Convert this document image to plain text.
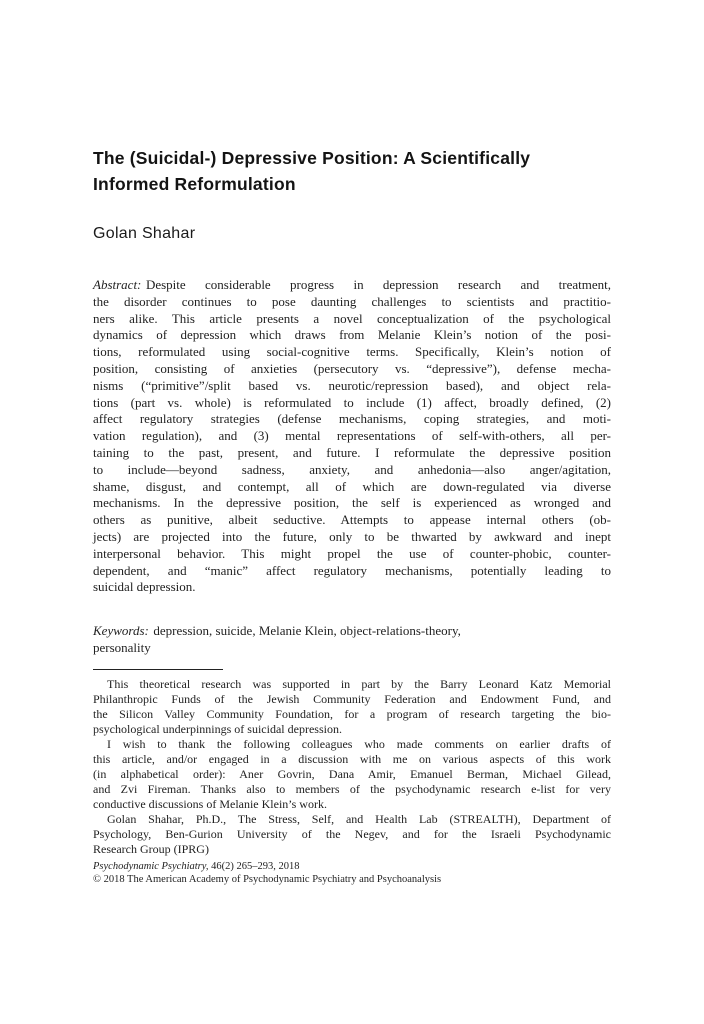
The (Suicidal-) Depressive Position: A Scientifically
Informed Reformulation
Golan Shahar
Abstract: Despite considerable progress in depression research and treatment,
the disorder continues to pose daunting challenges to scientists and practitio-
ners alike. This article presents a novel conceptualization of the psychological
dynamics of depression which draws from Melanie Klein’s notion of the posi-
tions, reformulated using social-cognitive terms. Specifically, Klein’s notion of
position, consisting of anxieties (persecutory vs. “depressive”), defense mecha-
nisms (“primitive”/split based vs. neurotic/repression based), and object rela-
tions (part vs. whole) is reformulated to include (1) affect, broadly defined, (2)
affect regulatory strategies (defense mechanisms, coping strategies, and moti-
vation regulation), and (3) mental representations of self-with-others, all per-
taining to the past, present, and future. I reformulate the depressive position
to include—beyond sadness, anxiety, and anhedonia—also anger/agitation,
shame, disgust, and contempt, all of which are down-regulated via diverse
mechanisms. In the depressive position, the self is experienced as wronged and
others as punitive, albeit seductive. Attempts to appease internal others (ob-
jects) are projected into the future, only to be thwarted by awkward and inept
interpersonal behavior. This might propel the use of counter-phobic, counter-
dependent, and “manic” affect regulatory mechanisms, potentially leading to
suicidal depression.
Keywords: depression, suicide, Melanie Klein, object-relations-theory,
personality
This theoretical research was supported in part by the Barry Leonard Katz Memorial
Philanthropic Funds of the Jewish Community Federation and Endowment Fund, and
the Silicon Valley Community Foundation, for a program of research targeting the bio-
psychological underpinnings of suicidal depression.
I wish to thank the following colleagues who made comments on earlier drafts of
this article, and/or engaged in a discussion with me on various aspects of this work
(in alphabetical order): Aner Govrin, Dana Amir, Emanuel Berman, Michael Gilead,
and Zvi Fireman. Thanks also to members of the psychodynamic research e-list for very
conductive discussions of Melanie Klein’s work.
Golan Shahar, Ph.D., The Stress, Self, and Health Lab (STREALTH), Department of
Psychology, Ben-Gurion University of the Negev, and for the Israeli Psychodynamic
Research Group (IPRG)
Psychodynamic Psychiatry, 46(2) 265–293, 2018
© 2018 The American Academy of Psychodynamic Psychiatry and Psychoanalysis
